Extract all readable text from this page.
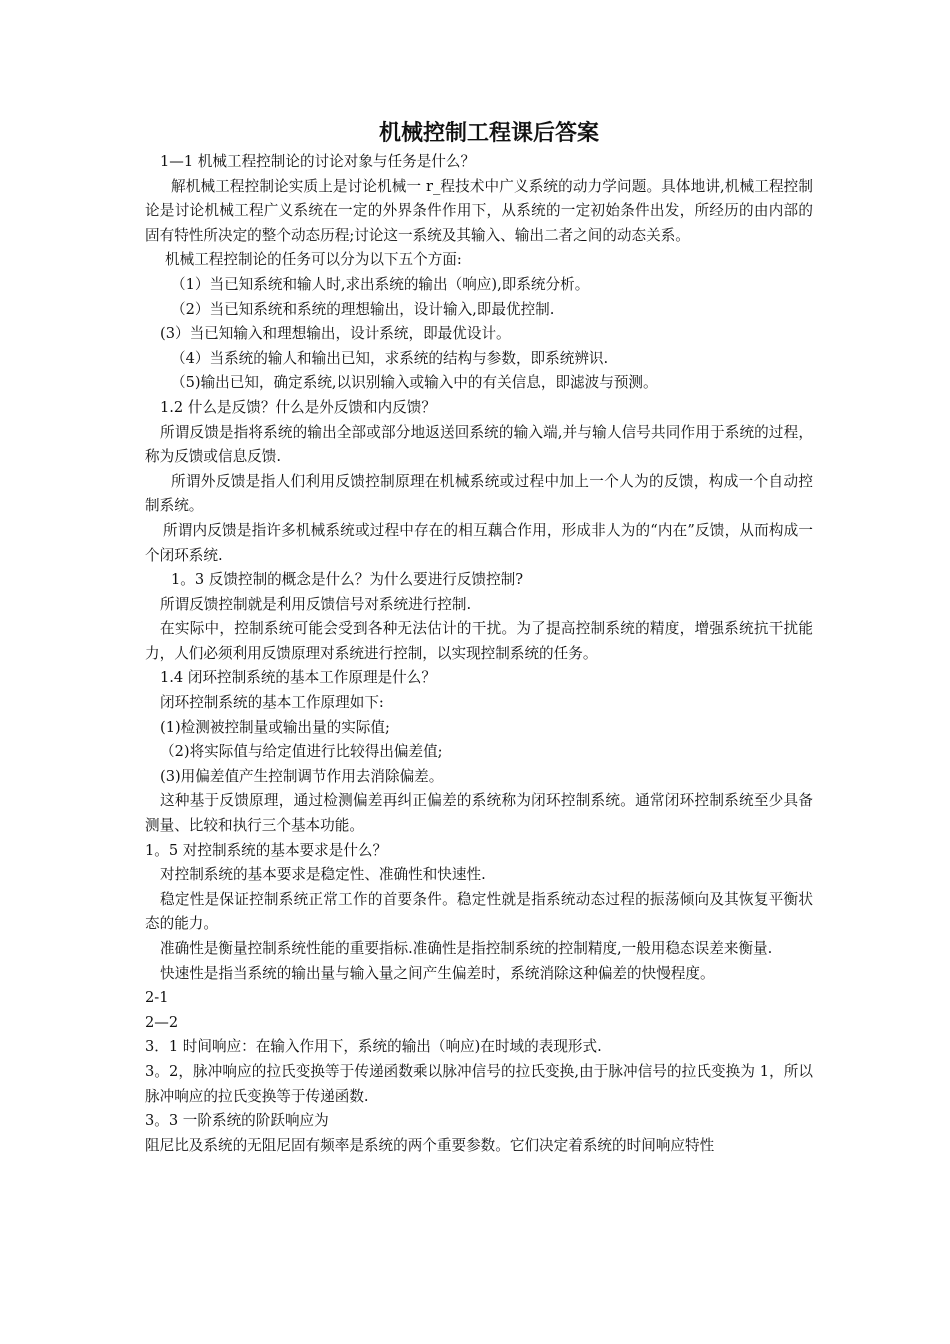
机械控制工程课后答案

1—1 机械工程控制论的讨论对象与任务是什么？

解机械工程控制论实质上是讨论机械一 r_程技术中广义系统的动力学问题。具体地讲,机械工程控制论是讨论机械工程广义系统在一定的外界条件作用下，从系统的一定初始条件出发，所经历的由内部的固有特性所决定的整个动态历程;讨论这一系统及其输入、输出二者之间的动态关系。

机械工程控制论的任务可以分为以下五个方面:

（1）当已知系统和输人时,求出系统的输出（响应),即系统分析。

（2）当已知系统和系统的理想输出，设计输入,即最优控制.

(3）当已知输入和理想输出，设计系统，即最优设计。

（4）当系统的输人和输出已知，求系统的结构与参数，即系统辨识.

（5)输出已知，确定系统,以识别输入或输入中的有关信息，即滤波与预测。

1.2 什么是反馈？什么是外反馈和内反馈？

所谓反馈是指将系统的输出全部或部分地返送回系统的输入端,并与输人信号共同作用于系统的过程，称为反馈或信息反馈.

所谓外反馈是指人们利用反馈控制原理在机械系统或过程中加上一个人为的反馈，构成一个自动控制系统。

所谓内反馈是指许多机械系统或过程中存在的相互藕合作用，形成非人为的“内在”反馈，从而构成一个闭环系统.

1。3 反馈控制的概念是什么？为什么要进行反馈控制?

所谓反馈控制就是利用反馈信号对系统进行控制.

在实际中，控制系统可能会受到各种无法估计的干扰。为了提高控制系统的精度，增强系统抗干扰能力，人们必须利用反馈原理对系统进行控制，以实现控制系统的任务。

1.4 闭环控制系统的基本工作原理是什么？

闭环控制系统的基本工作原理如下:

(1)检测被控制量或输出量的实际值;

（2)将实际值与给定值进行比较得出偏差值;

(3)用偏差值产生控制调节作用去消除偏差。

这种基于反馈原理，通过检测偏差再纠正偏差的系统称为闭环控制系统。通常闭环控制系统至少具备测量、比较和执行三个基本功能。

1。5 对控制系统的基本要求是什么？

对控制系统的基本要求是稳定性、准确性和快速性.

稳定性是保证控制系统正常工作的首要条件。稳定性就是指系统动态过程的振荡倾向及其恢复平衡状态的能力。

准确性是衡量控制系统性能的重要指标.准确性是指控制系统的控制精度,一般用稳态误差来衡量.

快速性是指当系统的输出量与输入量之间产生偏差时，系统消除这种偏差的快慢程度。

2-1

2—2

3．1 时间响应：在输入作用下，系统的输出（响应)在时域的表现形式.

3。2，脉冲响应的拉氏变换等于传递函数乘以脉冲信号的拉氏变换,由于脉冲信号的拉氏变换为 1，所以脉冲响应的拉氏变换等于传递函数.

3。3 一阶系统的阶跃响应为

阻尼比及系统的无阻尼固有频率是系统的两个重要参数。它们决定着系统的时间响应特性
